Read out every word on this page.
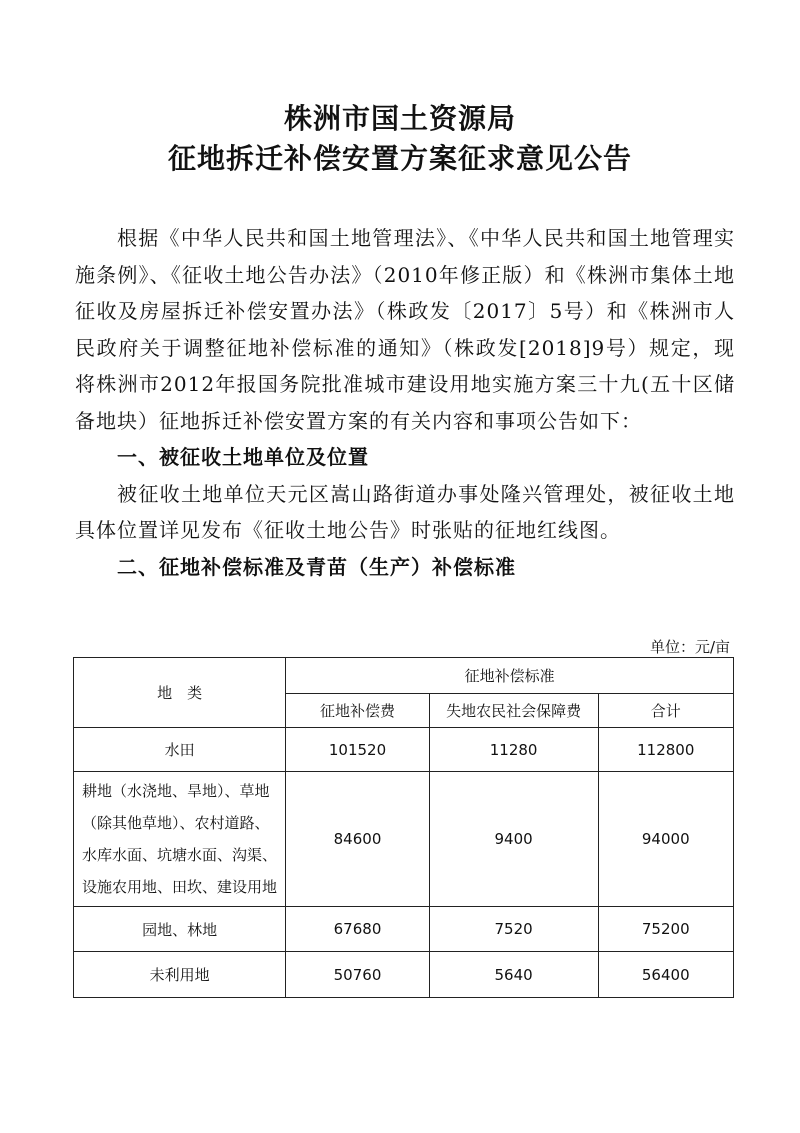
株洲市国土资源局
征地拆迁补偿安置方案征求意见公告

根据《中华人民共和国土地管理法》、《中华人民共和国土地管理实施条例》、《征收土地公告办法》（2010年修正版）和《株洲市集体土地征收及房屋拆迁补偿安置办法》（株政发〔2017〕5号）和《株洲市人民政府关于调整征地补偿标准的通知》（株政发[2018]9号）规定，现将株洲市2012年报国务院批准城市建设用地实施方案三十九(五十区储备地块）征地拆迁补偿安置方案的有关内容和事项公告如下：

一、被征收土地单位及位置

被征收土地单位天元区嵩山路街道办事处隆兴管理处，被征收土地具体位置详见发布《征收土地公告》时张贴的征地红线图。

二、征地补偿标准及青苗（生产）补偿标准

单位：元/亩
地　类	征地补偿标准		
	征地补偿费	失地农民社会保障费	合计
水田	101520	11280	112800
耕地（水浇地、旱地）、草地（除其他草地）、农村道路、水库水面、坑塘水面、沟渠、设施农用地、田坎、建设用地	84600	9400	94000
园地、林地	67680	7520	75200
未利用地	50760	5640	56400
